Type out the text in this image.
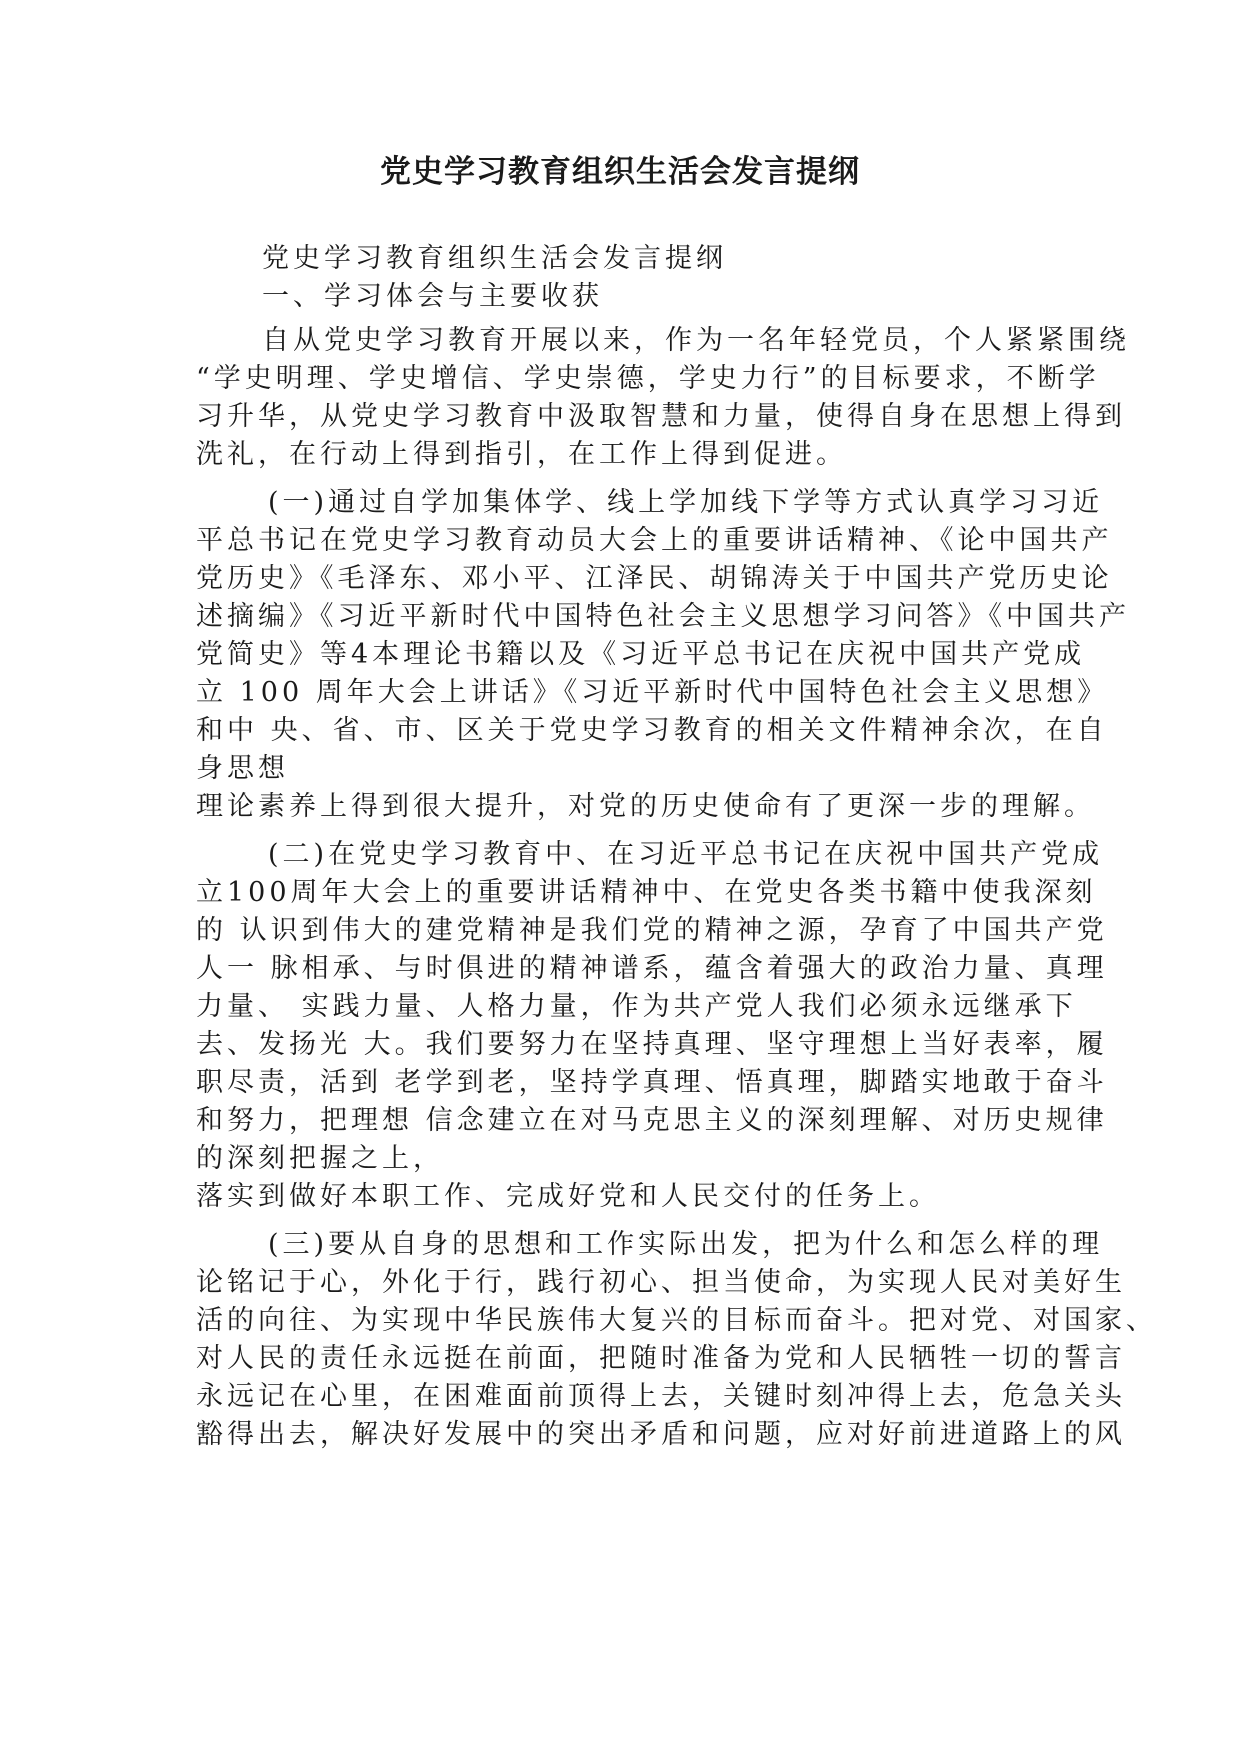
党史学习教育组织生活会发言提纲
党史学习教育组织生活会发言提纲
一、学习体会与主要收获
自从党史学习教育开展以来，作为一名年轻党员，个人紧紧围绕
“学史明理、学史增信、学史崇德，学史力行”的目标要求，不断学
习升华，从党史学习教育中汲取智慧和力量，使得自身在思想上得到
洗礼，在行动上得到指引，在工作上得到促进。
(一)通过自学加集体学、线上学加线下学等方式认真学习习近
平总书记在党史学习教育动员大会上的重要讲话精神、《论中国共产
党历史》《毛泽东、邓小平、江泽民、胡锦涛关于中国共产党历史论
述摘编》《习近平新时代中国特色社会主义思想学习问答》《中国共产
党简史》等4本理论书籍以及《习近平总书记在庆祝中国共产党成
立 100 周年大会上讲话》《习近平新时代中国特色社会主义思想》
和中 央、省、市、区关于党史学习教育的相关文件精神余次，在自
身思想
理论素养上得到很大提升，对党的历史使命有了更深一步的理解。
(二)在党史学习教育中、在习近平总书记在庆祝中国共产党成
立100周年大会上的重要讲话精神中、在党史各类书籍中使我深刻
的 认识到伟大的建党精神是我们党的精神之源，孕育了中国共产党
人一 脉相承、与时俱进的精神谱系，蕴含着强大的政治力量、真理
力量、 实践力量、人格力量，作为共产党人我们必须永远继承下
去、发扬光 大。我们要努力在坚持真理、坚守理想上当好表率，履
职尽责，活到 老学到老，坚持学真理、悟真理，脚踏实地敢于奋斗
和努力，把理想 信念建立在对马克思主义的深刻理解、对历史规律
的深刻把握之上，
落实到做好本职工作、完成好党和人民交付的任务上。
(三)要从自身的思想和工作实际出发，把为什么和怎么样的理
论铭记于心，外化于行，践行初心、担当使命，为实现人民对美好生
活的向往、为实现中华民族伟大复兴的目标而奋斗。把对党、对国家、
对人民的责任永远挺在前面，把随时准备为党和人民牺牲一切的誓言
永远记在心里，在困难面前顶得上去，关键时刻冲得上去，危急关头
豁得出去，解决好发展中的突出矛盾和问题，应对好前进道路上的风
